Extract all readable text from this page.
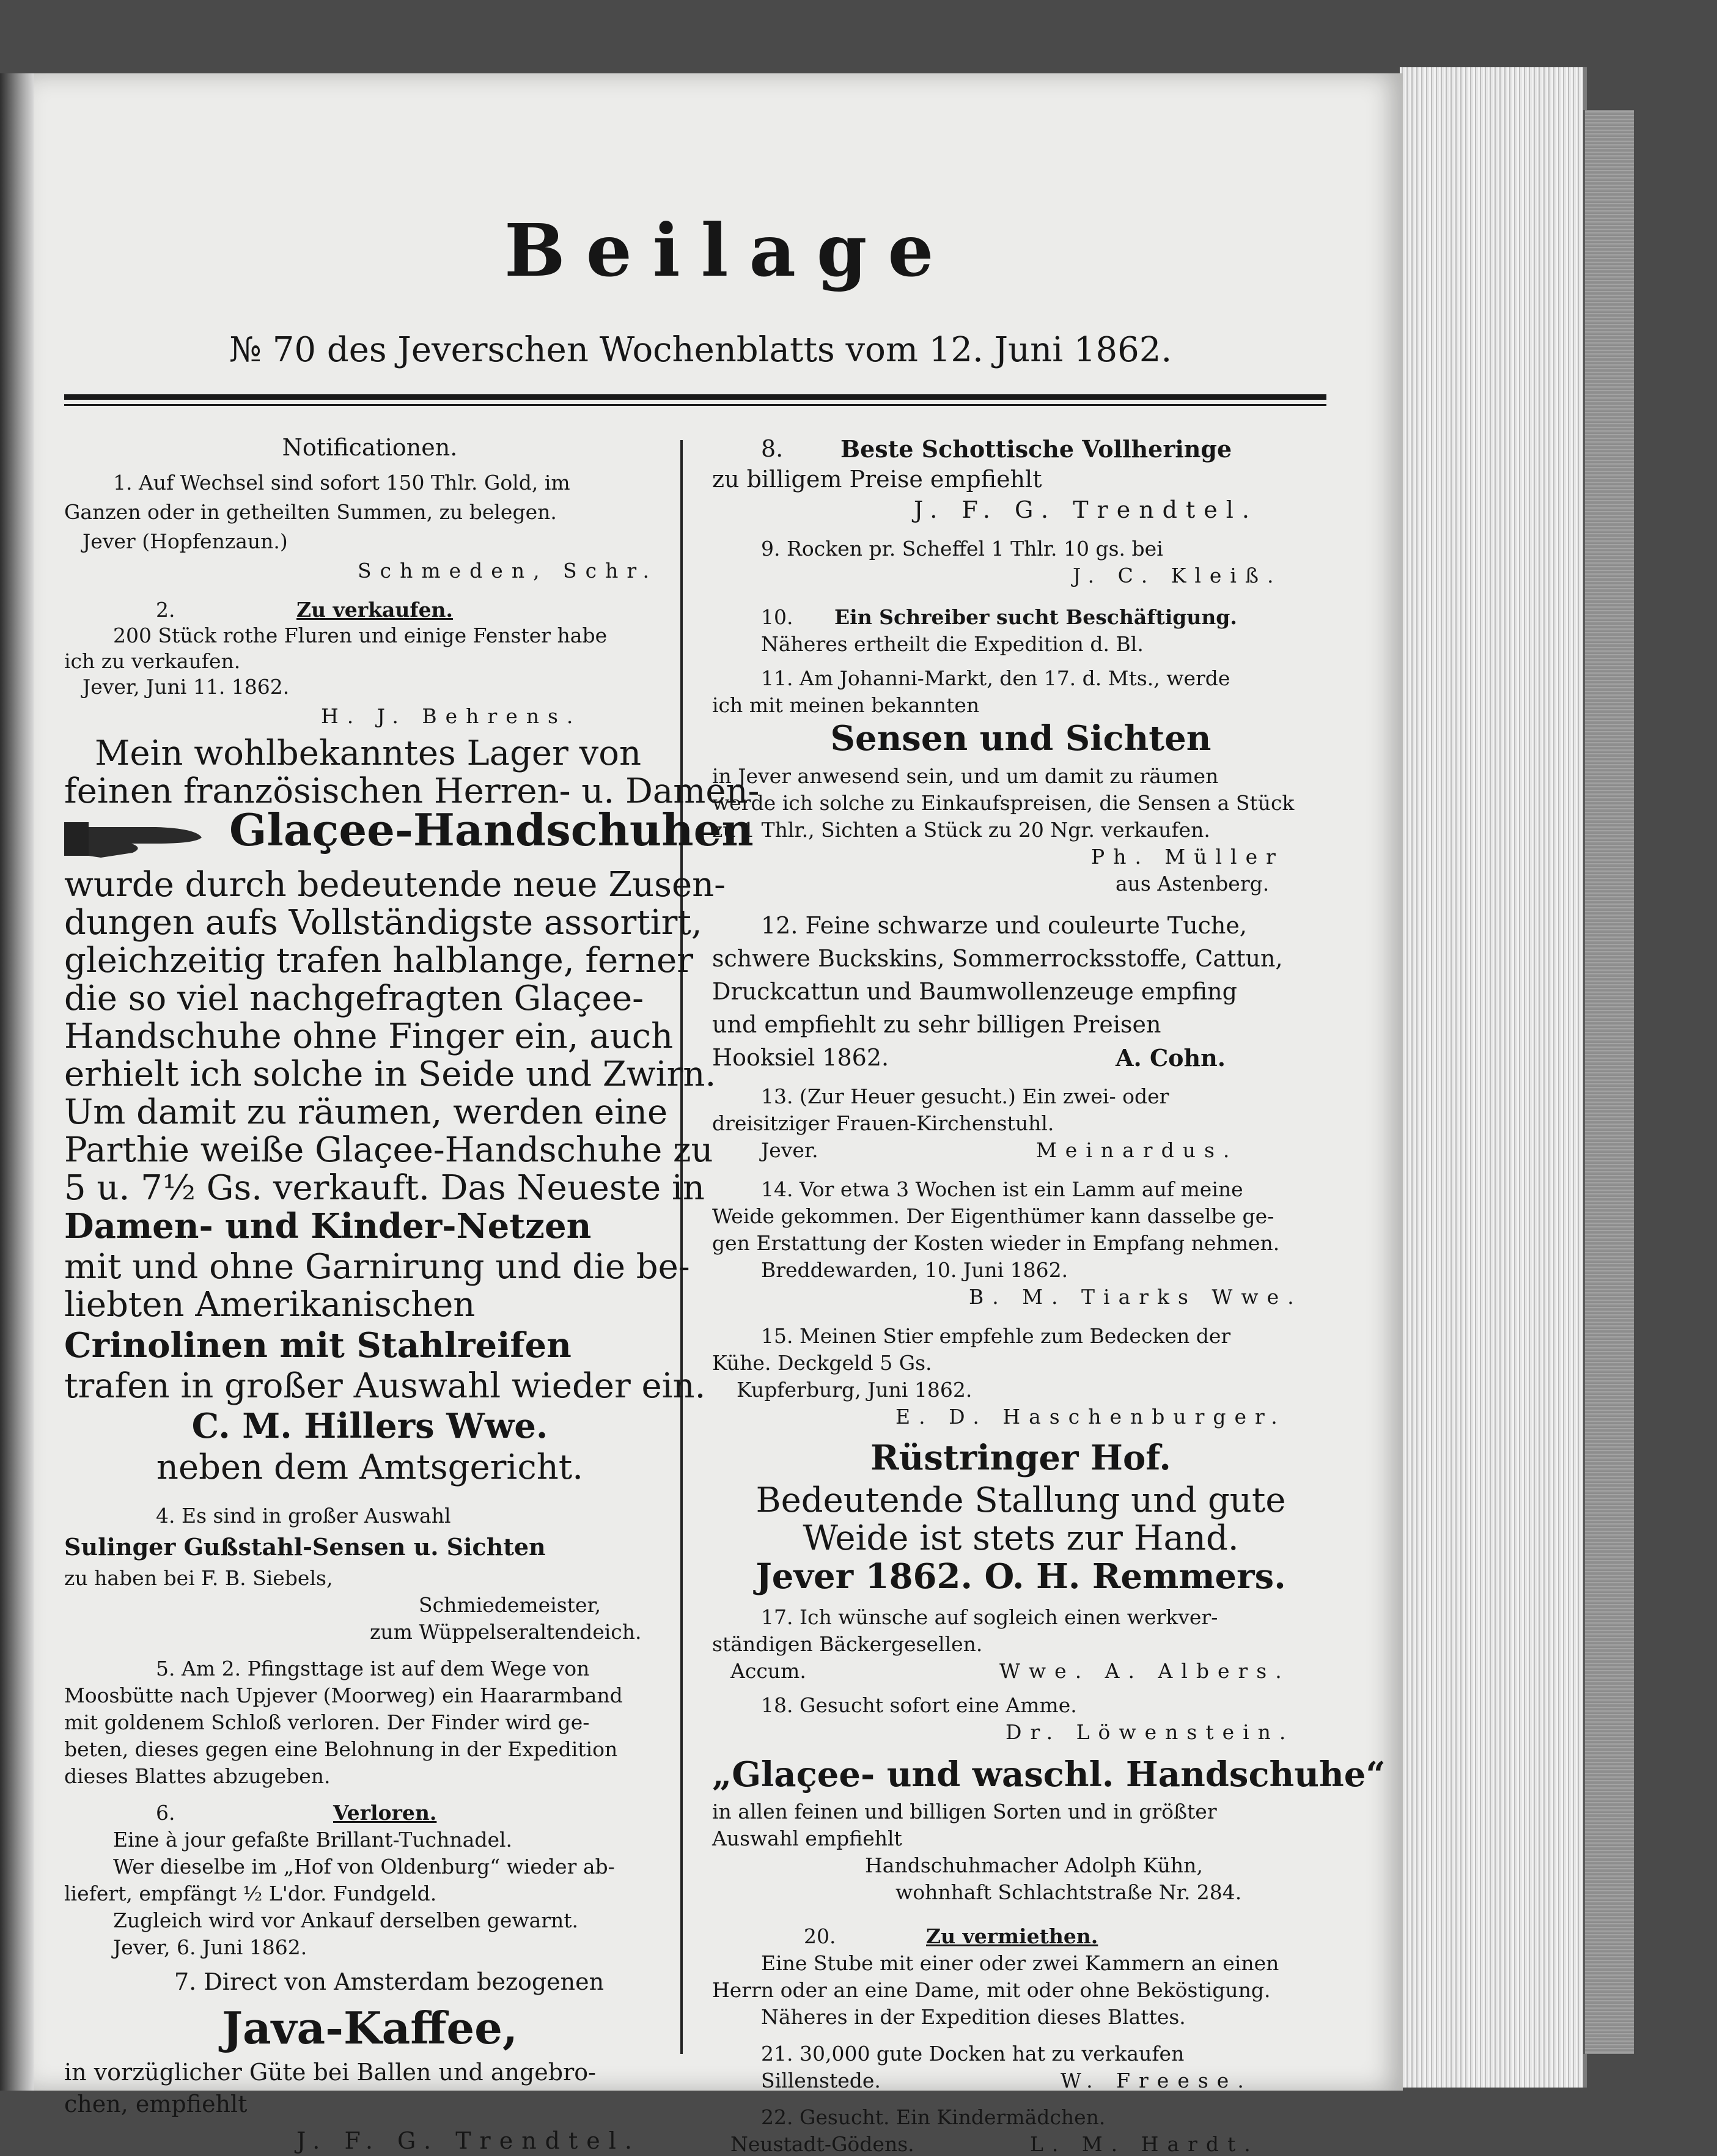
Beilage
№ 70 des Jeverschen Wochenblatts vom 12. Juni 1862.
Notificationen.
1. Auf Wechsel sind sofort 150 Thlr. Gold, im
Ganzen oder in getheilten Summen, zu belegen.
Jever (Hopfenzaun.)
Schmeden, Schr.
2.	Zu verkaufen.
200 Stück rothe Fluren und einige Fenster habe
ich zu verkaufen.
Jever, Juni 11. 1862.
H. J. Behrens.
Mein wohlbekanntes Lager von
feinen französischen Herren- u. Damen-
Glaçee-Handschuhen
wurde durch bedeutende neue Zusen-
dungen aufs Vollständigste assortirt,
gleichzeitig trafen halblange, ferner
die so viel nachgefragten Glaçee-
Handschuhe ohne Finger ein, auch
erhielt ich solche in Seide und Zwirn.
Um damit zu räumen, werden eine
Parthie weiße Glaçee-Handschuhe zu
5 u. 7½ Gs. verkauft. Das Neueste in
Damen- und Kinder-Netzen
mit und ohne Garnirung und die be-
liebten Amerikanischen
Crinolinen mit Stahlreifen
trafen in großer Auswahl wieder ein.
C. M. Hillers Wwe.
neben dem Amtsgericht.
4. Es sind in großer Auswahl
Sulinger Gußstahl-Sensen u. Sichten
zu haben bei F. B. Siebels,
Schmiedemeister,
zum Wüppelseraltendeich.
5. Am 2. Pfingsttage ist auf dem Wege von
Moosbütte nach Upjever (Moorweg) ein Haararmband
mit goldenem Schloß verloren. Der Finder wird ge-
beten, dieses gegen eine Belohnung in der Expedition
dieses Blattes abzugeben.
6.	Verloren.
Eine à jour gefaßte Brillant-Tuchnadel.
Wer dieselbe im „Hof von Oldenburg“ wieder ab-
liefert, empfängt ½ L'dor. Fundgeld.
Zugleich wird vor Ankauf derselben gewarnt.
Jever, 6. Juni 1862.
7. Direct von Amsterdam bezogenen
Java-Kaffee,
in vorzüglicher Güte bei Ballen und angebro-
chen, empfiehlt
J. F. G. Trendtel.
8. Beste Schottische Vollheringe
zu billigem Preise empfiehlt
J. F. G. Trendtel.
9. Rocken pr. Scheffel 1 Thlr. 10 gs. bei
J. C. Kleiß.
10. Ein Schreiber sucht Beschäftigung.
Näheres ertheilt die Expedition d. Bl.
11. Am Johanni-Markt, den 17. d. Mts., werde
ich mit meinen bekannten
Sensen und Sichten
in Jever anwesend sein, und um damit zu räumen
werde ich solche zu Einkaufspreisen, die Sensen a Stück
zu 1 Thlr., Sichten a Stück zu 20 Ngr. verkaufen.
Ph. Müller
aus Astenberg.
12. Feine schwarze und couleurte Tuche,
schwere Buckskins, Sommerrocksstoffe, Cattun,
Druckcattun und Baumwollenzeuge empfing
und empfiehlt zu sehr billigen Preisen
Hooksiel 1862.	A. Cohn.
13. (Zur Heuer gesucht.) Ein zwei- oder
dreisitziger Frauen-Kirchenstuhl.
Jever.	Meinardus.
14. Vor etwa 3 Wochen ist ein Lamm auf meine
Weide gekommen. Der Eigenthümer kann dasselbe ge-
gen Erstattung der Kosten wieder in Empfang nehmen.
Breddewarden, 10. Juni 1862.
B. M. Tiarks Wwe.
15. Meinen Stier empfehle zum Bedecken der
Kühe. Deckgeld 5 Gs.
Kupferburg, Juni 1862.
E. D. Haschenburger.
Rüstringer Hof.
Bedeutende Stallung und gute
Weide ist stets zur Hand.
Jever 1862. O. H. Remmers.
17. Ich wünsche auf sogleich einen werkver-
ständigen Bäckergesellen.
Accum.	Wwe. A. Albers.
18. Gesucht sofort eine Amme.
Dr. Löwenstein.
„Glaçee- und waschl. Handschuhe“
in allen feinen und billigen Sorten und in größter
Auswahl empfiehlt
Handschuhmacher Adolph Kühn,
wohnhaft Schlachtstraße Nr. 284.
20.	Zu vermiethen.
Eine Stube mit einer oder zwei Kammern an einen
Herrn oder an eine Dame, mit oder ohne Beköstigung.
Näheres in der Expedition dieses Blattes.
21. 30,000 gute Docken hat zu verkaufen
Sillenstede.	W. Freese.
22. Gesucht. Ein Kindermädchen.
Neustadt-Gödens.	L. M. Hardt.
